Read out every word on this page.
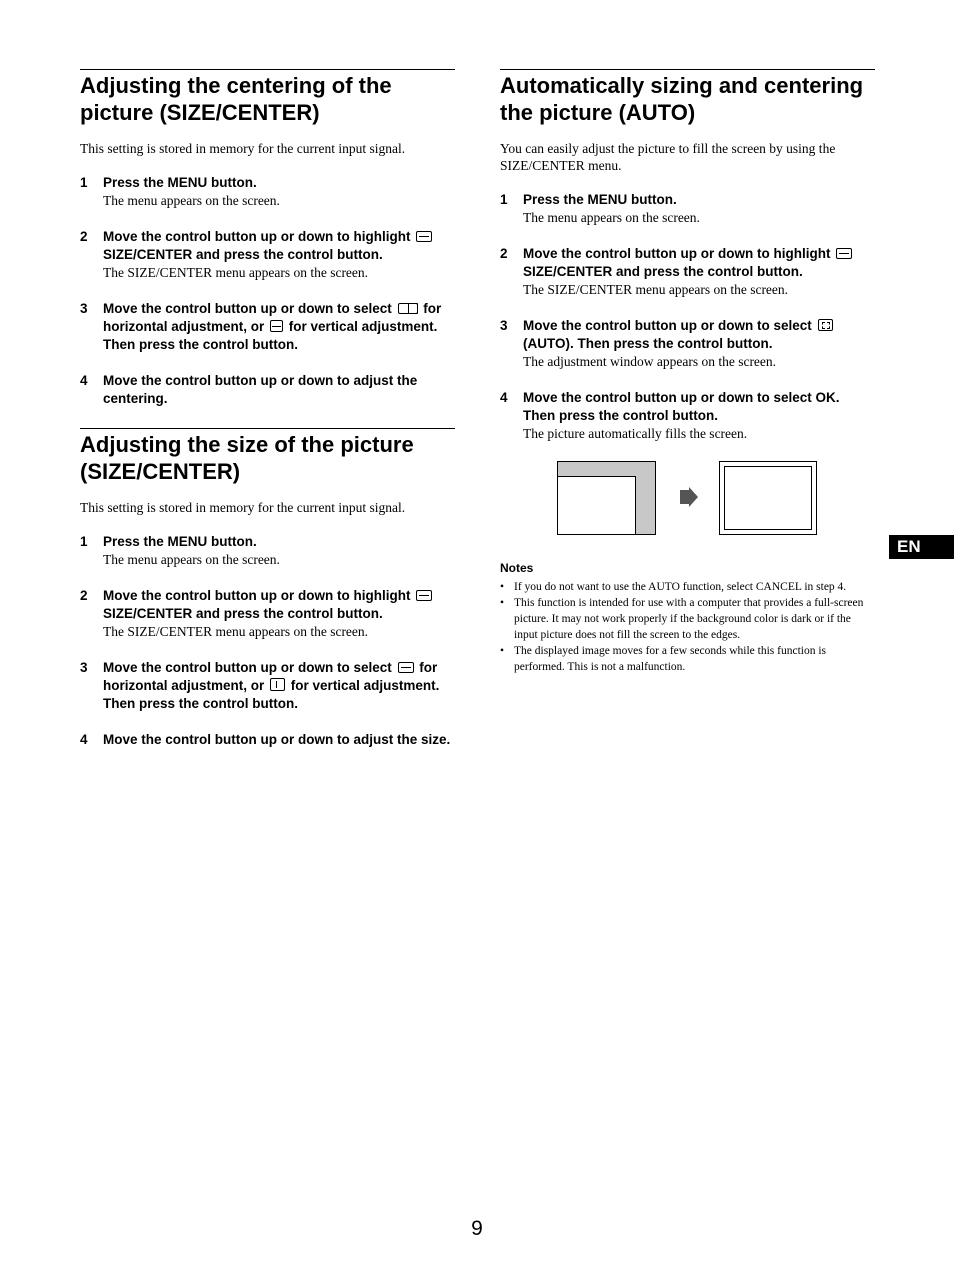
Adjusting the centering of the picture (SIZE/CENTER)

This setting is stored in memory for the current input signal.

1 Press the MENU button.
The menu appears on the screen.
2 Move the control button up or down to highlight SIZE/CENTER and press the control button.
The SIZE/CENTER menu appears on the screen.
3 Move the control button up or down to select for horizontal adjustment, or for vertical adjustment. Then press the control button.
4 Move the control button up or down to adjust the centering.
Adjusting the size of the picture (SIZE/CENTER)

This setting is stored in memory for the current input signal.

1 Press the MENU button.
The menu appears on the screen.
2 Move the control button up or down to highlight SIZE/CENTER and press the control button.
The SIZE/CENTER menu appears on the screen.
3 Move the control button up or down to select for horizontal adjustment, or for vertical adjustment. Then press the control button.
4 Move the control button up or down to adjust the size.
Automatically sizing and centering the picture (AUTO)

You can easily adjust the picture to fill the screen by using the SIZE/CENTER menu.

1 Press the MENU button.
The menu appears on the screen.
2 Move the control button up or down to highlight SIZE/CENTER and press the control button.
The SIZE/CENTER menu appears on the screen.
3 Move the control button up or down to select  (AUTO). Then press the control button.
The adjustment window appears on the screen.
4 Move the control button up or down to select OK. Then press the control button.
The picture automatically fills the screen.
Notes
• If you do not want to use the AUTO function, select CANCEL in step 4.
• This function is intended for use with a computer that provides a full-screen picture. It may not work properly if the background color is dark or if the input picture does not fill the screen to the edges.
• The displayed image moves for a few seconds while this function is performed. This is not a malfunction.
EN
9
